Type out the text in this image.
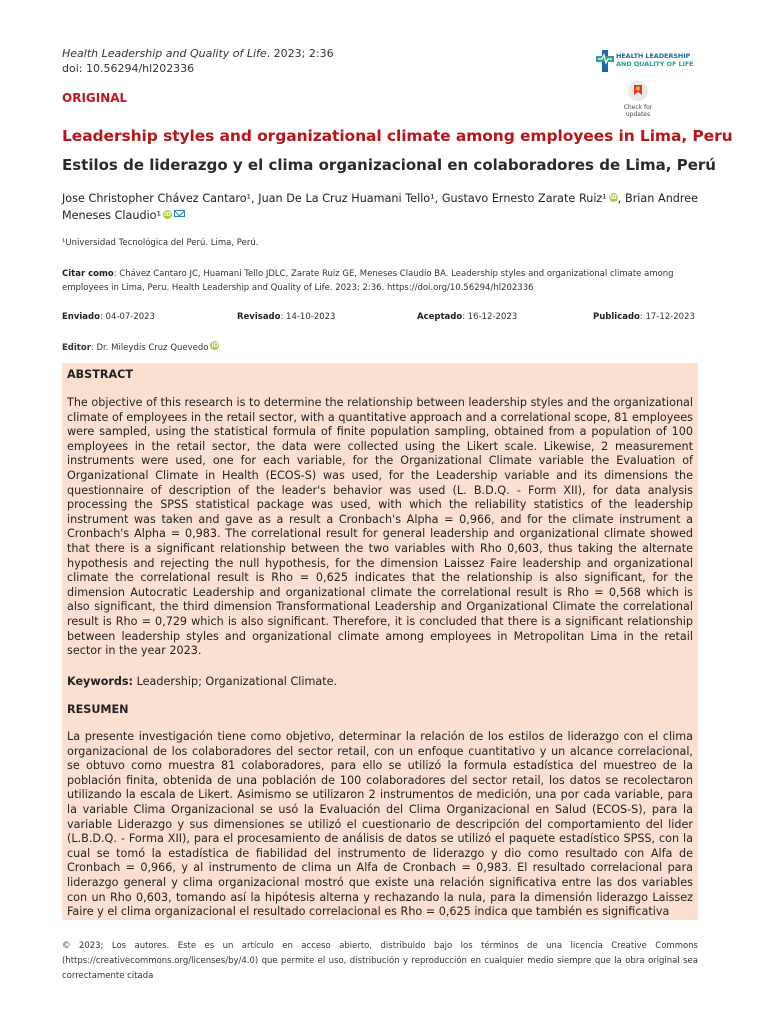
Health Leadership and Quality of Life. 2023; 2:36
doi: 10.56294/hl202336
HEALTH LEADERSHIP
AND QUALITY OF LIFE
Check for updates
ORIGINAL
Leadership styles and organizational climate among employees in Lima, Peru
Estilos de liderazgo y el clima organizacional en colaboradores de Lima, Perú
Jose Christopher Chávez Cantaro¹, Juan De La Cruz Huamani Tello¹, Gustavo Ernesto Zarate Ruiz¹ iD, Brian Andree Meneses Claudio¹ iD
¹Universidad Tecnológica del Perú. Lima, Perú.
Citar como: Chávez Cantaro JC, Huamani Tello JDLC, Zarate Ruiz GE, Meneses Claudio BA. Leadership styles and organizational climate among employees in Lima, Peru. Health Leadership and Quality of Life. 2023; 2:36. https://doi.org/10.56294/hl202336
Enviado: 04-07-2023	Revisado: 14-10-2023	Aceptado: 16-12-2023	Publicado: 17-12-2023
Editor: Dr. Mileydis Cruz Quevedo iD
ABSTRACT
The objective of this research is to determine the relationship between leadership styles and the organizational climate of employees in the retail sector, with a quantitative approach and a correlational scope, 81 employees were sampled, using the statistical formula of finite population sampling, obtained from a population of 100 employees in the retail sector, the data were collected using the Likert scale. Likewise, 2 measurement instruments were used, one for each variable, for the Organizational Climate variable the Evaluation of Organizational Climate in Health (ECOS-S) was used, for the Leadership variable and its dimensions the questionnaire of description of the leader's behavior was used (L. B.D.Q. - Form XII), for data analysis processing the SPSS statistical package was used, with which the reliability statistics of the leadership instrument was taken and gave as a result a Cronbach's Alpha = 0,966, and for the climate instrument a Cronbach's Alpha = 0,983. The correlational result for general leadership and organizational climate showed that there is a significant relationship between the two variables with Rho 0,603, thus taking the alternate hypothesis and rejecting the null hypothesis, for the dimension Laissez Faire leadership and organizational climate the correlational result is Rho = 0,625 indicates that the relationship is also significant, for the dimension Autocratic Leadership and organizational climate the correlational result is Rho = 0,568 which is also significant, the third dimension Transformational Leadership and Organizational Climate the correlational result is Rho = 0,729 which is also significant. Therefore, it is concluded that there is a significant relationship between leadership styles and organizational climate among employees in Metropolitan Lima in the retail sector in the year 2023.
Keywords: Leadership; Organizational Climate.
RESUMEN
La presente investigación tiene como objetivo, determinar la relación de los estilos de liderazgo con el clima organizacional de los colaboradores del sector retail, con un enfoque cuantitativo y un alcance correlacional, se obtuvo como muestra 81 colaboradores, para ello se utilizó la formula estadística del muestreo de la población finita, obtenida de una población de 100 colaboradores del sector retail, los datos se recolectaron utilizando la escala de Likert. Asimismo se utilizaron 2 instrumentos de medición, una por cada variable, para la variable Clima Organizacional se usó la Evaluación del Clima Organizacional en Salud (ECOS-S), para la variable Liderazgo y sus dimensiones se utilizó el cuestionario de descripción del comportamiento del lider (L.B.D.Q. - Forma XII), para el procesamiento de análisis de datos se utilizó el paquete estadístico SPSS, con la cual se tomó la estadística de fiabilidad del instrumento de liderazgo y dio como resultado con Alfa de Cronbach = 0,966, y al instrumento de clima un Alfa de Cronbach = 0,983. El resultado correlacional para liderazgo general y clima organizacional mostró que existe una relación significativa entre las dos variables con un Rho 0,603, tomando así la hipótesis alterna y rechazando la nula, para la dimensión liderazgo Laissez Faire y el clima organizacional el resultado correlacional es Rho = 0,625 indica que también es significativa
© 2023; Los autores. Este es un artículo en acceso abierto, distribuido bajo los términos de una licencia Creative Commons (https://creativecommons.org/licenses/by/4.0) que permite el uso, distribución y reproducción en cualquier medio siempre que la obra original sea correctamente citada
